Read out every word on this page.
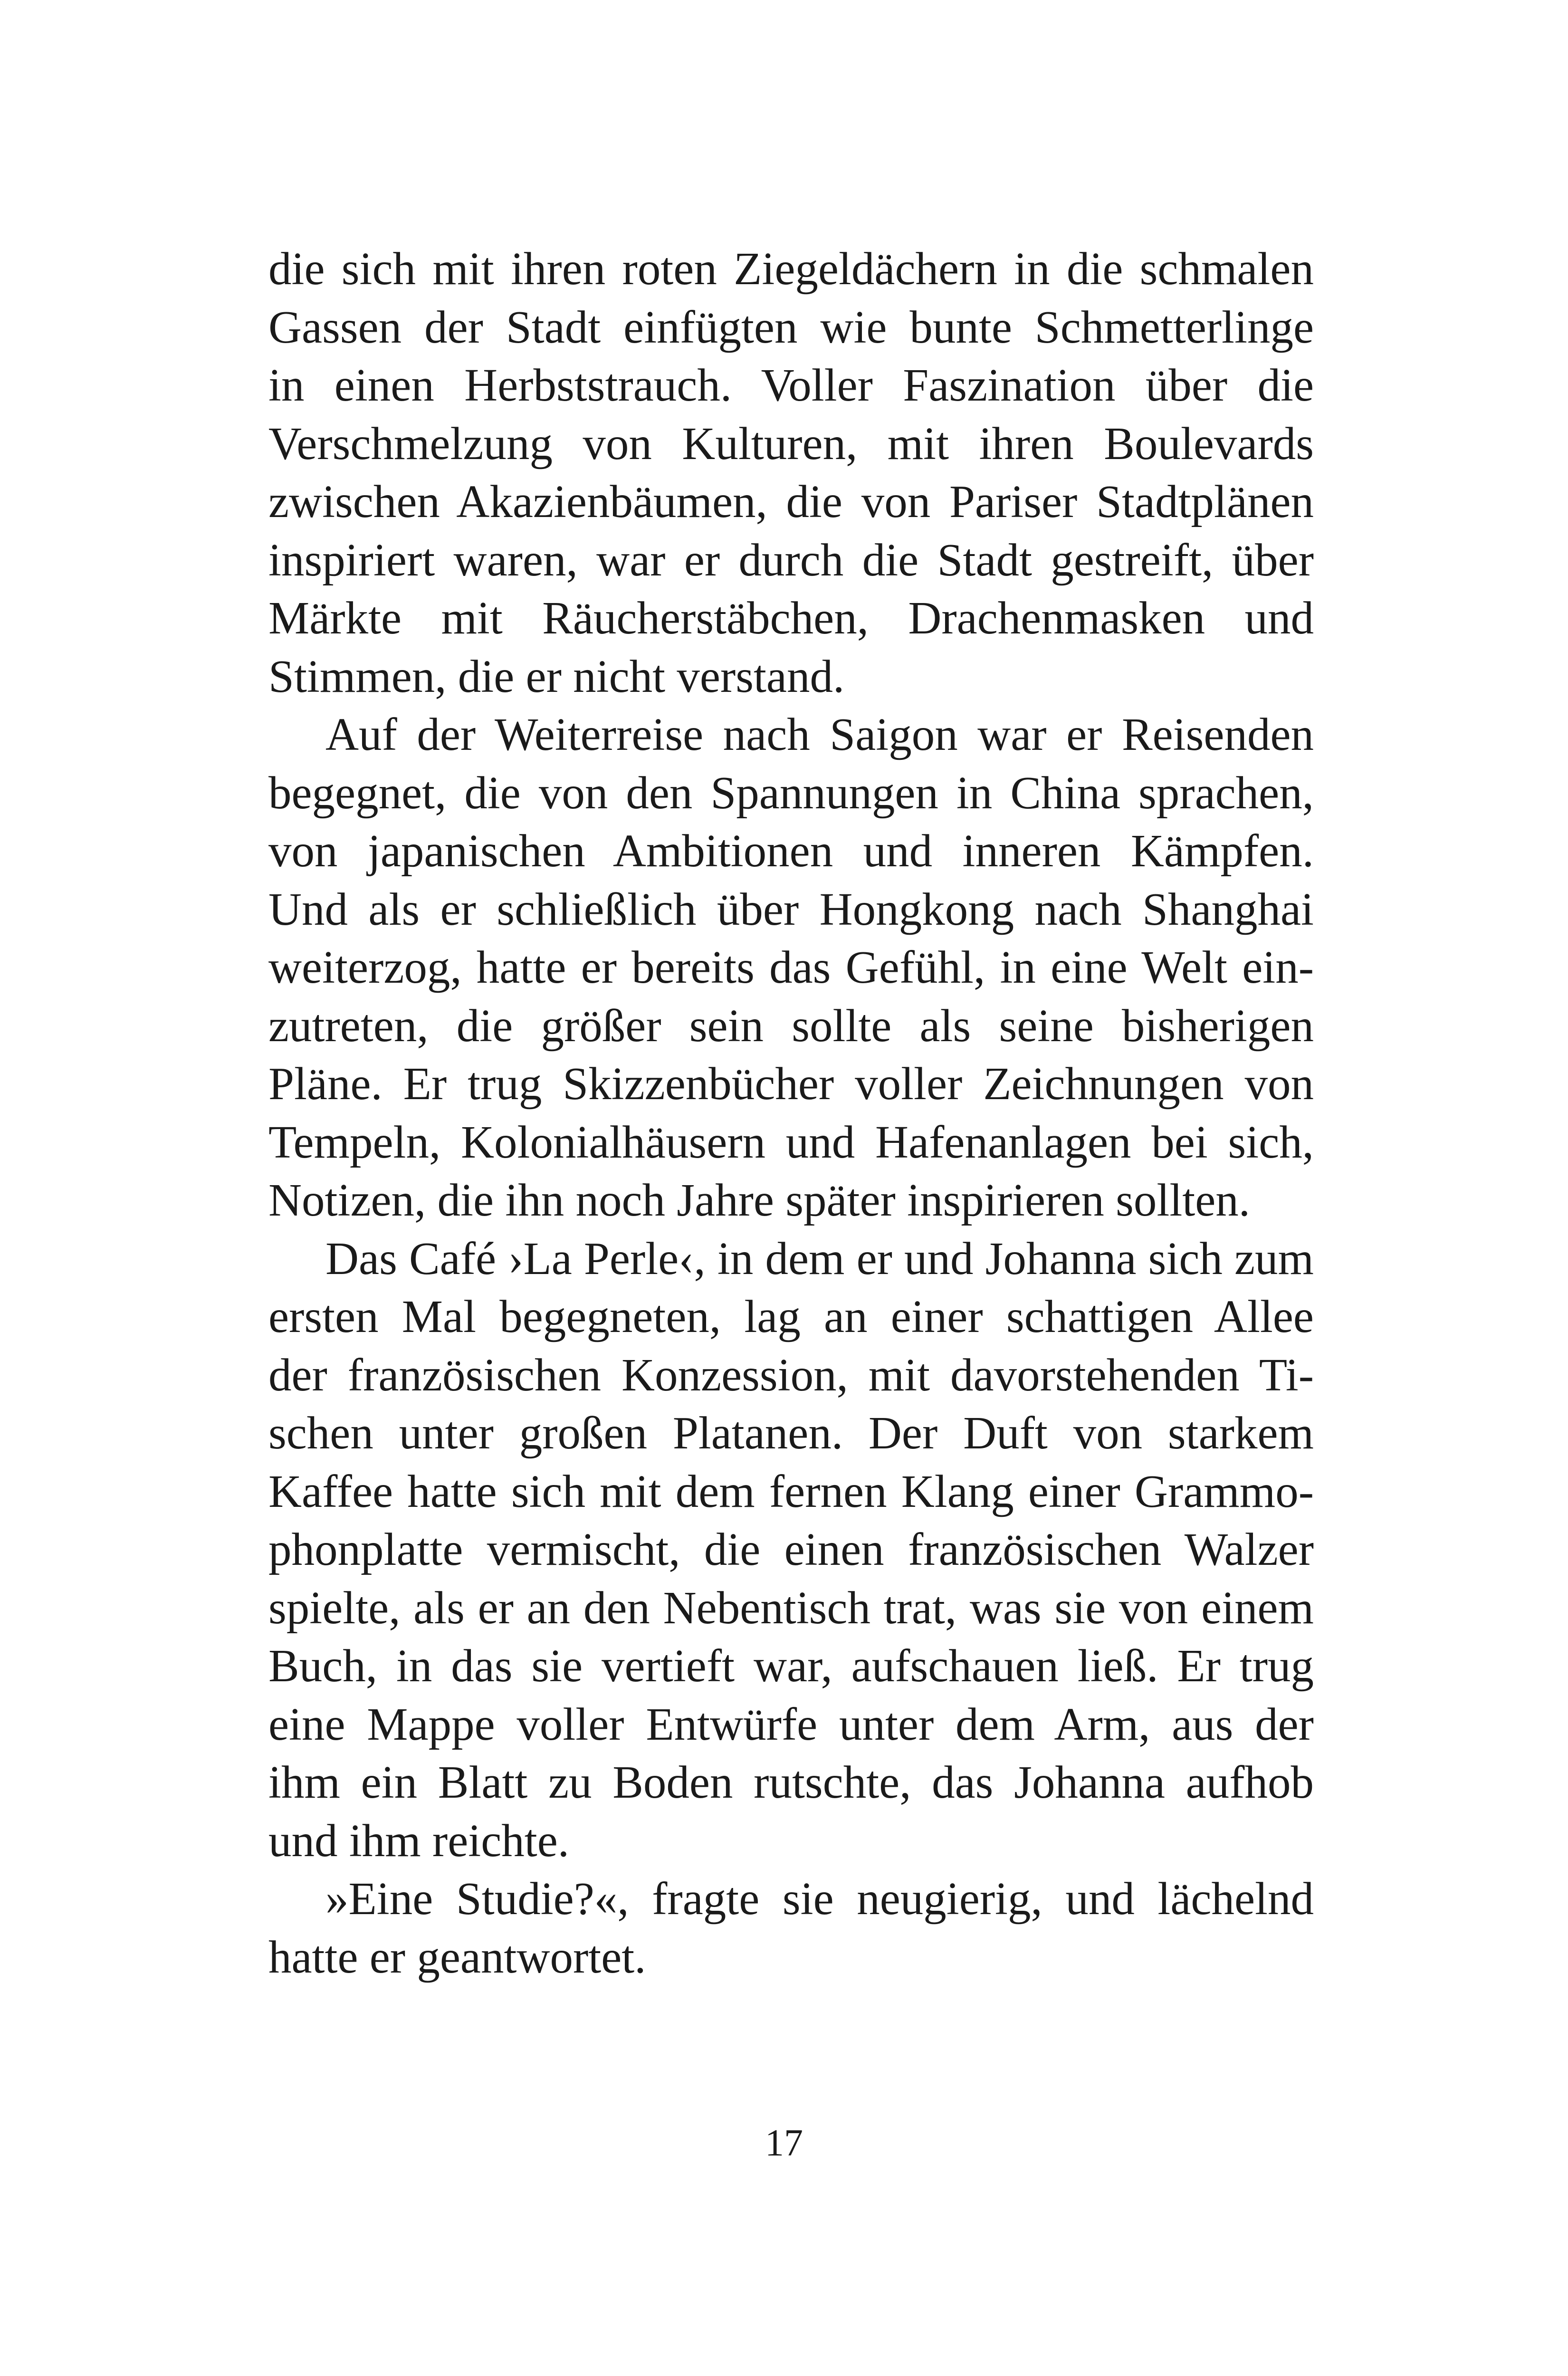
die sich mit ihren roten Ziegeldächern in die schmalen
Gassen der Stadt einfügten wie bunte Schmetterlinge
in einen Herbststrauch. Voller Faszination über die
Verschmelzung von Kulturen, mit ihren Boulevards
zwischen Akazienbäumen, die von Pariser Stadtplänen
inspiriert waren, war er durch die Stadt gestreift, über
Märkte mit Räucherstäbchen, Drachenmasken und
Stimmen, die er nicht verstand.
Auf der Weiterreise nach Saigon war er Reisenden
begegnet, die von den Spannungen in China sprachen,
von japanischen Ambitionen und inneren Kämpfen.
Und als er schließlich über Hongkong nach Shanghai
weiterzog, hatte er bereits das Gefühl, in eine Welt ein-
zutreten, die größer sein sollte als seine bisherigen
Pläne. Er trug Skizzenbücher voller Zeichnungen von
Tempeln, Kolonialhäusern und Hafenanlagen bei sich,
Notizen, die ihn noch Jahre später inspirieren sollten.
Das Café ›La Perle‹, in dem er und Johanna sich zum
ersten Mal begegneten, lag an einer schattigen Allee
der französischen Konzession, mit davorstehenden Ti-
schen unter großen Platanen. Der Duft von starkem
Kaffee hatte sich mit dem fernen Klang einer Grammo-
phonplatte vermischt, die einen französischen Walzer
spielte, als er an den Nebentisch trat, was sie von einem
Buch, in das sie vertieft war, aufschauen ließ. Er trug
eine Mappe voller Entwürfe unter dem Arm, aus der
ihm ein Blatt zu Boden rutschte, das Johanna aufhob
und ihm reichte.
»Eine Studie?«, fragte sie neugierig, und lächelnd
hatte er geantwortet.
17
